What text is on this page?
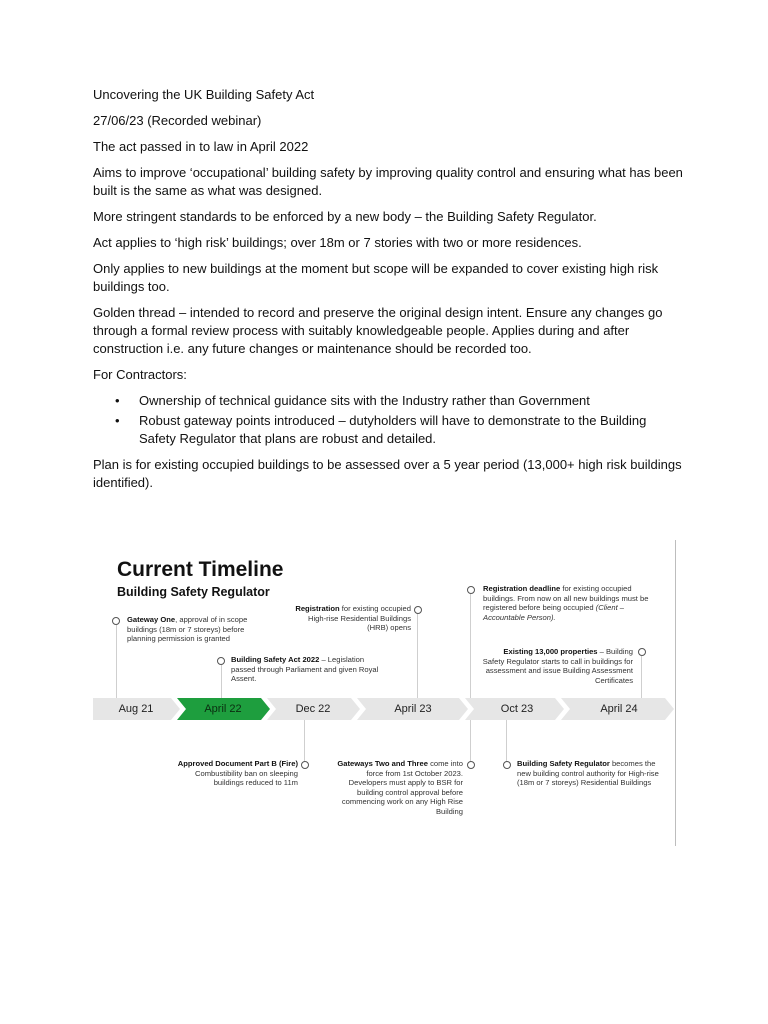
Uncovering the UK Building Safety Act

27/06/23 (Recorded webinar)

The act passed in to law in April 2022

Aims to improve ‘occupational’ building safety by improving quality control and ensuring what has been built is the same as what was designed.

More stringent standards to be enforced by a new body – the Building Safety Regulator.

Act applies to ‘high risk’ buildings; over 18m or 7 stories with two or more residences.

Only applies to new buildings at the moment but scope will be expanded to cover existing high risk buildings too.

Golden thread – intended to record and preserve the original design intent. Ensure any changes go through a formal review process with suitably knowledgeable people. Applies during and after construction i.e. any future changes or maintenance should be recorded too.

For Contractors:

• Ownership of technical guidance sits with the Industry rather than Government
• Robust gateway points introduced – dutyholders will have to demonstrate to the Building Safety Regulator that plans are robust and detailed.

Plan is for existing occupied buildings to be assessed over a 5 year period (13,000+ high risk buildings identified).

Current Timeline
Building Safety Regulator
Gateway One, approval of in scope buildings (18m or 7 storeys) before planning permission is granted
Building Safety Act 2022 – Legislation passed through Parliament and given Royal Assent.
Registration for existing occupied High-rise Residential Buildings (HRB) opens
Registration deadline for existing occupied buildings. From now on all new buildings must be registered before being occupied (Client – Accountable Person).
Existing 13,000 properties – Building Safety Regulator starts to call in buildings for assessment and issue Building Assessment Certificates
Aug 21	April 22	Dec 22	April 23	Oct 23	April 24
Approved Document Part B (Fire) Combustibility ban on sleeping buildings reduced to 11m
Gateways Two and Three come into force from 1st October 2023. Developers must apply to BSR for building control approval before commencing work on any High Rise Building
Building Safety Regulator becomes the new building control authority for High-rise (18m or 7 storeys) Residential Buildings
